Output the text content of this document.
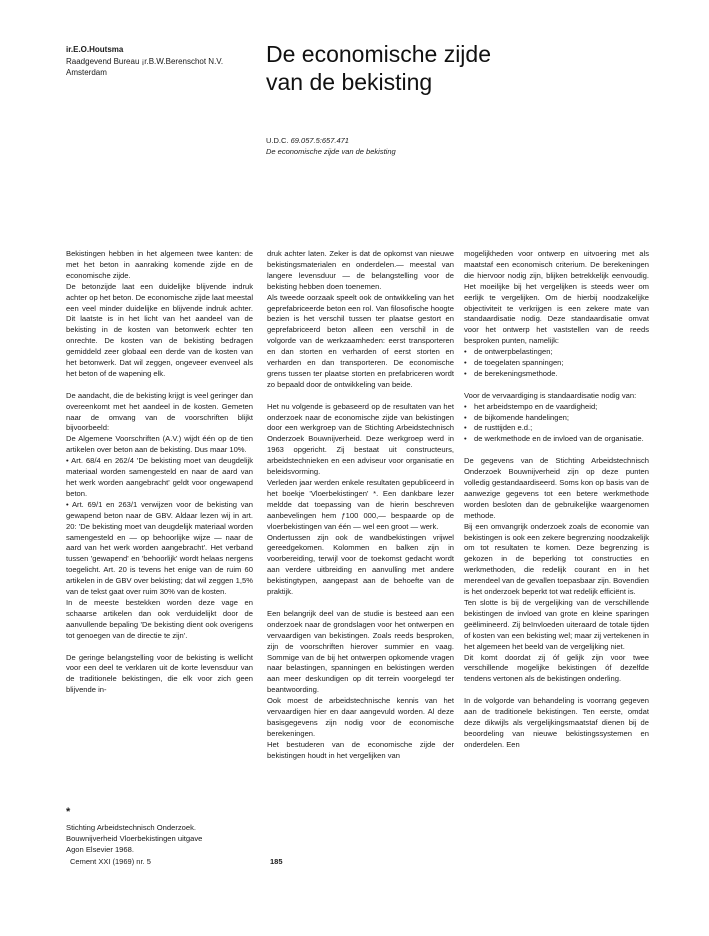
ir.E.O.Houtsma
Raadgevend Bureau ¡r.B.W.Berenschot N.V.
Amsterdam
De economische zijde
van de bekisting
U.D.C. 69.057.5:657.471
De economische zijde van de bekisting

Bekistingen hebben in het algemeen twee kanten: de met het beton in aanraking komende zijde en de economische zijde.

De betonzijde laat een duidelijke blijvende indruk achter op het beton. De economische zijde laat meestal een veel minder duidelijke en blijvende indruk achter. Dit laatste is in het licht van het aandeel van de bekisting in de kosten van betonwerk echter ten onrechte. De kosten van de bekisting bedragen gemiddeld zeer globaal een derde van de kosten van het betonwerk. Dat wil zeggen, ongeveer evenveel als het beton of de wapening elk.

De aandacht, die de bekisting krijgt is veel geringer dan overeenkomt met het aandeel in de kosten. Gemeten naar de omvang van de voorschriften blijkt bijvoorbeeld:

De Algemene Voorschriften (A.V.) wijdt één op de tien artikelen over beton aan de bekisting. Dus maar 10%.

• Art. 68/4 en 262/4 'De bekisting moet van deugdelijk materiaal worden samengesteld en naar de aard van het werk worden aangebracht' geldt voor ongewapend beton.

• Art. 69/1 en 263/1 verwijzen voor de bekisting van gewapend beton naar de GBV. Aldaar lezen wij in art. 20: 'De bekisting moet van deugdelijk materiaal worden samengesteld en — op behoorlijke wijze — naar de aard van het werk worden aangebracht'. Het verband tussen 'gewapend' en 'behoorlijk' wordt helaas nergens toegelicht. Art. 20 is tevens het enige van de ruim 60 artikelen in de GBV over bekisting; dat wil zeggen 1,5% van de tekst gaat over ruim 30% van de kosten.

In de meeste bestekken worden deze vage en schaarse artikelen dan ook verduidelijkt door de aanvullende bepaling 'De bekisting dient ook overigens tot genoegen van de directie te zijn'.

De geringe belangstelling voor de bekisting is wellicht voor een deel te verklaren uit de korte levensduur van de traditionele bekistingen, die elk voor zich geen blijvende in-

*
Stichting Arbeidstechnisch Onderzoek.
Bouwnijverheid Vloerbekistingen uitgave
Agon Elsevier 1968.

druk achter laten. Zeker is dat de opkomst van nieuwe bekistingsmaterialen en onderdelen.— meestal van langere levensduur — de belangstelling voor de bekisting hebben doen toenemen.

Als tweede oorzaak speelt ook de ontwikkeling van het geprefabriceerde beton een rol. Van filosofische hoogte bezien is het verschil tussen ter plaatse gestort en geprefabriceerd beton alleen een verschil in de volgorde van de werkzaamheden: eerst transporteren en dan storten en verharden of eerst storten en verharden en dan transporteren. De economische grens tussen ter plaatse storten en prefabriceren wordt zo bepaald door de ontwikkeling van beide.

Het nu volgende is gebaseerd op de resultaten van het onderzoek naar de economische zijde van bekistingen door een werkgroep van de Stichting Arbeidstechnisch Onderzoek Bouwnijverheid. Deze werkgroep werd in 1963 opgericht. Zij bestaat uit constructeurs, arbeidstechnieken en een adviseur voor organisatie en beleidsvorming.

Verleden jaar werden enkele resultaten gepubliceerd in het boekje 'Vloerbekistingen' *. Een dankbare lezer meldde dat toepassing van de hierin beschreven aanbevelingen hem ƒ100 000,— bespaarde op de vloerbekistingen van één — wel een groot — werk.

Ondertussen zijn ook de wandbekistingen vrijwel gereedgekomen. Kolommen en balken zijn in voorbereiding, terwijl voor de toekomst gedacht wordt aan verdere uitbreiding en aanvulling met andere bekistingtypen, aangepast aan de behoefte van de praktijk.

Een belangrijk deel van de studie is besteed aan een onderzoek naar de grondslagen voor het ontwerpen en vervaardigen van bekistingen. Zoals reeds besproken, zijn de voorschriften hierover summier en vaag. Sommige van de bij het ontwerpen opkomende vragen naar belastingen, spanningen en bekistingen werden aan meer deskundigen op dit terrein voorgelegd ter beantwoording.

Ook moest de arbeidstechnische kennis van het vervaardigen hier en daar aangevuld worden. Al deze basisgegevens zijn nodig voor de economische berekeningen.

Het bestuderen van de economische zijde der bekistingen houdt in het vergelijken van

mogelijkheden voor ontwerp en uitvoering met als maatstaf een economisch criterium. De berekeningen die hiervoor nodig zijn, blijken betrekkelijk eenvoudig. Het moeilijke bij het vergelijken is steeds weer om eerlijk te vergelijken. Om de hierbij noodzakelijke objectiviteit te verkrijgen is een zekere mate van standaardisatie nodig. Deze standaardisatie omvat voor het ontwerp het vaststellen van de reeds besproken punten, namelijk:

• de ontwerpbelastingen;
• de toegelaten spanningen;
• de berekeningsmethode.

Voor de vervaardiging is standaardisatie nodig van:

• het arbeidstempo en de vaardigheid;
• de bijkomende handelingen;
• de rusttijden e.d.;
• de werkmethode en de invloed van de organisatie.

De gegevens van de Stichting Arbeidstechnisch Onderzoek Bouwnijverheid zijn op deze punten volledig gestandaardiseerd. Soms kon op basis van de aanwezige gegevens tot een betere werkmethode worden besloten dan de gebruikelijke waargenomen methode.

Bij een omvangrijk onderzoek zoals de economie van bekistingen is ook een zekere begrenzing noodzakelijk om tot resultaten te komen. Deze begrenzing is gekozen in de beperking tot constructies en werkmethoden, die redelijk courant en in het merendeel van de gevallen toepasbaar zijn. Bovendien is het onderzoek beperkt tot wat redelijk efficiënt is.

Ten slotte is bij de vergelijking van de verschillende bekistingen de invloed van grote en kleine sparingen geëlimineerd. Zij beïnvloeden uiteraard de totale tijden of kosten van een bekisting wel; maar zij vertekenen in het algemeen het beeld van de vergelijking niet.

Dit komt doordat zij óf gelijk zijn voor twee verschillende mogelijke bekistingen óf dezelfde tendens vertonen als de bekistingen onderling.

In de volgorde van behandeling is voorrang gegeven aan de traditionele bekistingen. Ten eerste, omdat deze dikwijls als vergelijkingsmaatstaf dienen bij de beoordeling van nieuwe bekistingssystemen en onderdelen. Een

Cement XXI (1969) nr. 5	185
